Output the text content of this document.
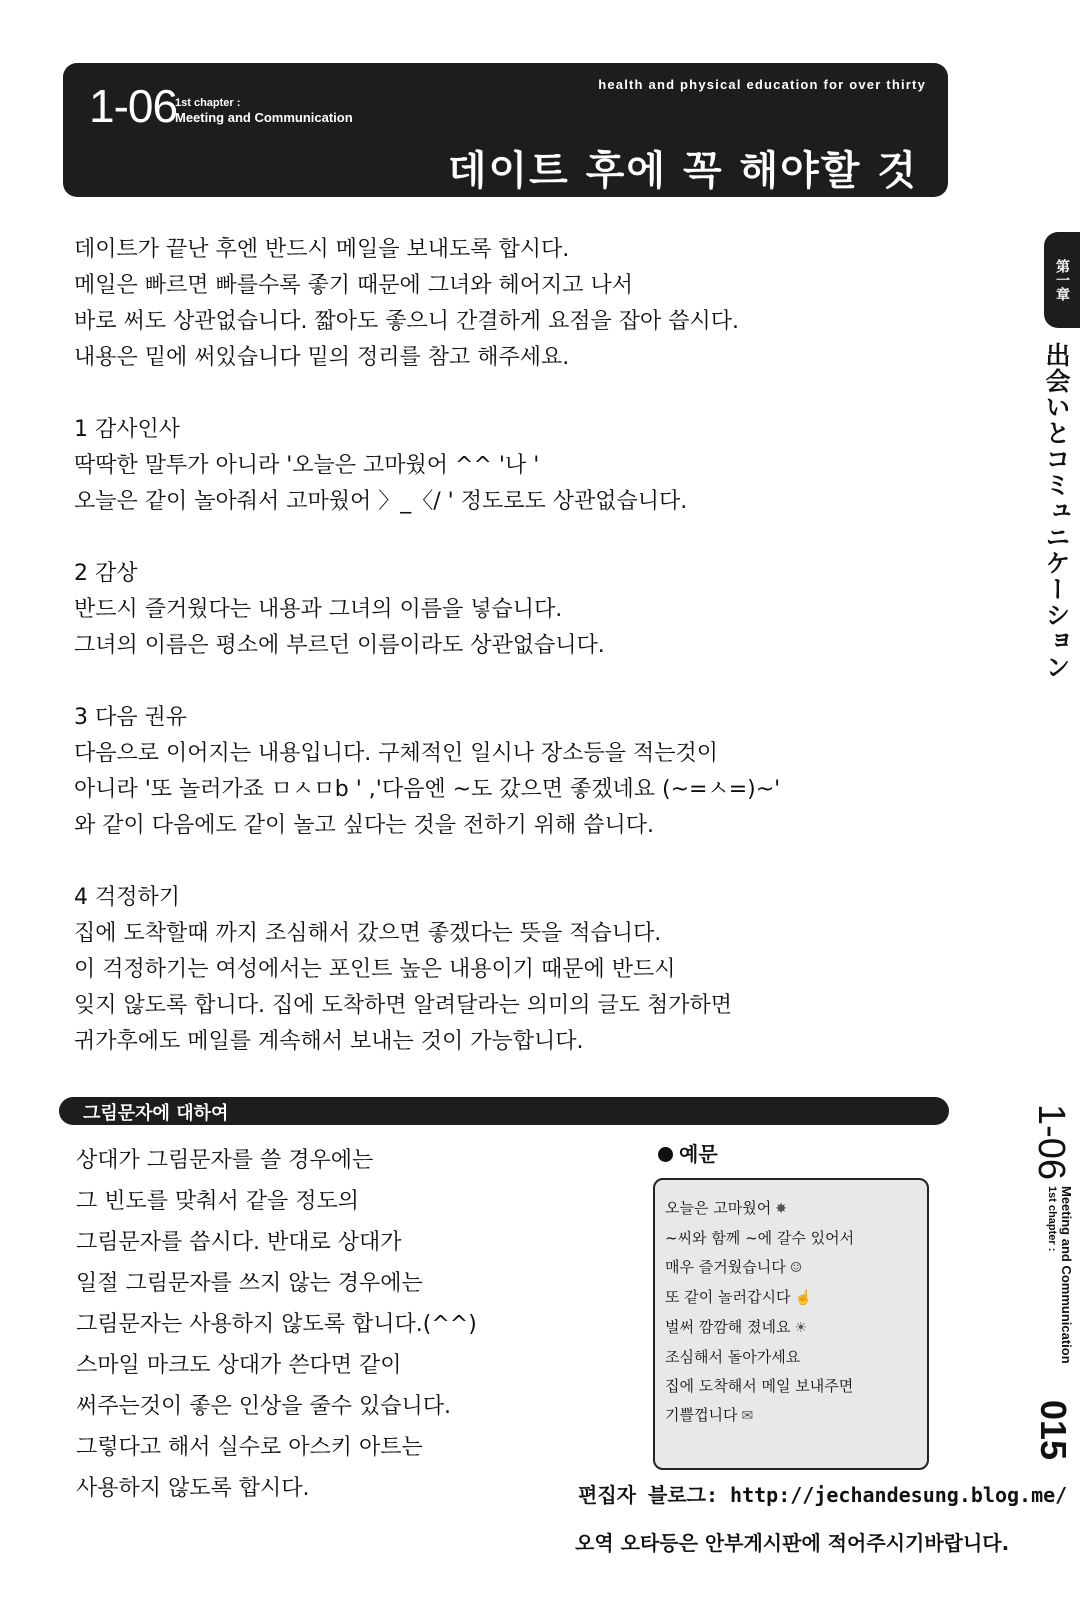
1-06
1st chapter :
Meeting and Communication
health and physical education for over thirty
데이트 후에 꼭 해야할 것
第一章
出会いとコミュニケーション
1-06
1st chapter : Meeting and Communication
015

데이트가 끝난 후엔 반드시 메일을 보내도록 합시다.
메일은 빠르면 빠를수록 좋기 때문에 그녀와 헤어지고 나서
바로 써도 상관없습니다. 짧아도 좋으니 간결하게 요점을 잡아 씁시다.
내용은 밑에 써있습니다 밑의 정리를 참고 해주세요.

1 감사인사
딱딱한 말투가 아니라 '오늘은 고마웠어 ^^ '나 '
오늘은 같이 놀아줘서 고마웠어 〉_〈/ ' 정도로도 상관없습니다.

2 감상
반드시 즐거웠다는 내용과 그녀의 이름을 넣습니다.
그녀의 이름은 평소에 부르던 이름이라도 상관없습니다.

3 다음 권유
다음으로 이어지는 내용입니다. 구체적인 일시나 장소등을 적는것이
아니라 '또 놀러가죠 ㅁㅅㅁb ' ,'다음엔 ~도 갔으면 좋겠네요 (~=ㅅ=)~'
와 같이 다음에도 같이 놀고 싶다는 것을 전하기 위해 씁니다.

4 걱정하기
집에 도착할때 까지 조심해서 갔으면 좋겠다는 뜻을 적습니다.
이 걱정하기는 여성에서는 포인트 높은 내용이기 때문에 반드시
잊지 않도록 합니다. 집에 도착하면 알려달라는 의미의 글도 첨가하면
귀가후에도 메일를 계속해서 보내는 것이 가능합니다.

그림문자에 대하여
상대가 그림문자를 쓸 경우에는
그 빈도를 맞춰서 같을 정도의
그림문자를 씁시다. 반대로 상대가
일절 그림문자를 쓰지 않는 경우에는
그림문자는 사용하지 않도록 합니다.(^^)
스마일 마크도 상대가 쓴다면 같이
써주는것이 좋은 인상을 줄수 있습니다.
그렇다고 해서 실수로 아스키 아트는
사용하지 않도록 합시다.
예문
오늘은 고마웠어 ✸
~씨와 함께 ~에 갈수 있어서
매우 즐거웠습니다 ☺
또 같이 놀러갑시다 ☝
벌써 깜깜해 졌네요 ☀
조심해서 돌아가세요
집에 도착해서 메일 보내주면
기쁠껍니다 ✉
편집자 블로그: http://jechandesung.blog.me/
오역 오타등은 안부게시판에 적어주시기바랍니다.
